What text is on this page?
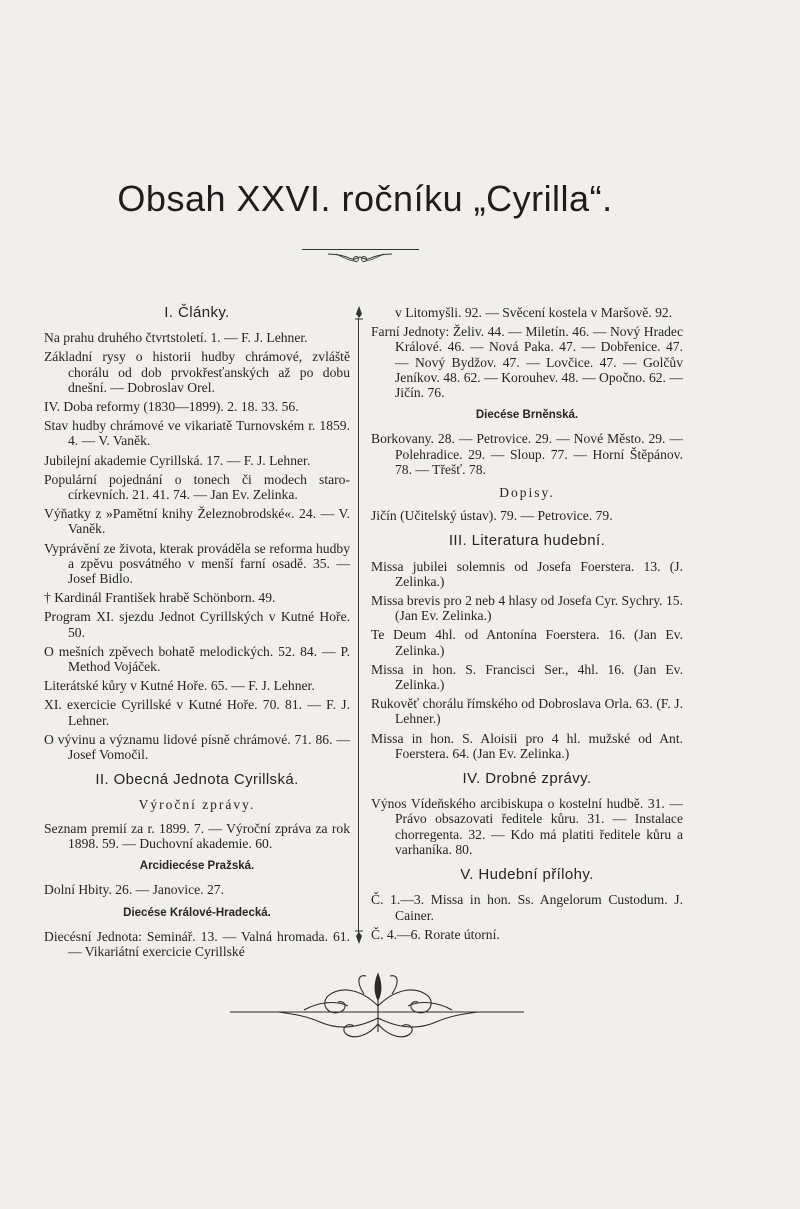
Obsah XXVI. ročníku „Cyrilla“.
I. Články.
Na prahu druhého čtvrtstoletí. 1. — F. J. Lehner.
Základní rysy o historii hudby chrámové, zvláště chorálu od dob prvokřesťanských až po dobu dnešní. — Dobroslav Orel.
IV. Doba reformy (1830—1899). 2. 18. 33. 56.
Stav hudby chrámové ve vikariatě Turnovském r. 1859. 4. — V. Vaněk.
Jubilejní akademie Cyrillská. 17. — F. J. Lehner.
Populární pojednání o tonech či modech staro-církevních. 21. 41. 74. — Jan Ev. Zelinka.
Výňatky z »Pamětní knihy Železnobrodské«. 24. — V. Vaněk.
Vyprávění ze života, kterak prováděla se reforma hudby a zpěvu posvátného v menší farní osadě. 35. — Josef Bidlo.
† Kardinál František hrabě Schönborn. 49.
Program XI. sjezdu Jednot Cyrillských v Kutné Hoře. 50.
O mešních zpěvech bohatě melodických. 52. 84. — P. Method Vojáček.
Literátské kůry v Kutné Hoře. 65. — F. J. Lehner.
XI. exercicie Cyrillské v Kutné Hoře. 70. 81. — F. J. Lehner.
O vývinu a významu lidové písně chrámové. 71. 86. — Josef Vomočil.
II. Obecná Jednota Cyrillská.
Výroční zprávy.
Seznam premií za r. 1899. 7. — Výroční zpráva za rok 1898. 59. — Duchovní akademie. 60.
Arcidiecése Pražská.
Dolní Hbity. 26. — Janovice. 27.
Diecése Králové-Hradecká.
Diecésní Jednota: Seminář. 13. — Valná hromada. 61. — Vikariátní exercicie Cyrillské
v Litomyšli. 92. — Svěcení kostela v Maršově. 92.
Farní Jednoty: Želiv. 44. — Miletín. 46. — Nový Hradec Králové. 46. — Nová Paka. 47. — Dobřenice. 47. — Nový Bydžov. 47. — Lovčice. 47. — Golčův Jeníkov. 48. 62. — Korouhev. 48. — Opočno. 62. — Jičín. 76.
Diecése Brněnská.
Borkovany. 28. — Petrovice. 29. — Nové Město. 29. — Polehradice. 29. — Sloup. 77. — Horní Štěpánov. 78. — Třešť. 78.
Dopisy.
Jičín (Učitelský ústav). 79. — Petrovice. 79.
III. Literatura hudební.
Missa jubilei solemnis od Josefa Foerstera. 13. (J. Zelinka.)
Missa brevis pro 2 neb 4 hlasy od Josefa Cyr. Sychry. 15. (Jan Ev. Zelinka.)
Te Deum 4hl. od Antonína Foerstera. 16. (Jan Ev. Zelinka.)
Missa in hon. S. Francisci Ser., 4hl. 16. (Jan Ev. Zelinka.)
Rukověť chorálu římského od Dobroslava Orla. 63. (F. J. Lehner.)
Missa in hon. S. Aloisii pro 4 hl. mužské od Ant. Foerstera. 64. (Jan Ev. Zelinka.)
IV. Drobné zprávy.
Výnos Vídeňského arcibiskupa o kostelní hudbě. 31. — Právo obsazovati ředitele kůru. 31. — Instalace chorregenta. 32. — Kdo má platiti ředitele kůru a varhaníka. 80.
V. Hudební přílohy.
Č. 1.—3. Missa in hon. Ss. Angelorum Custodum. J. Cainer.
Č. 4.—6. Rorate útorní.
